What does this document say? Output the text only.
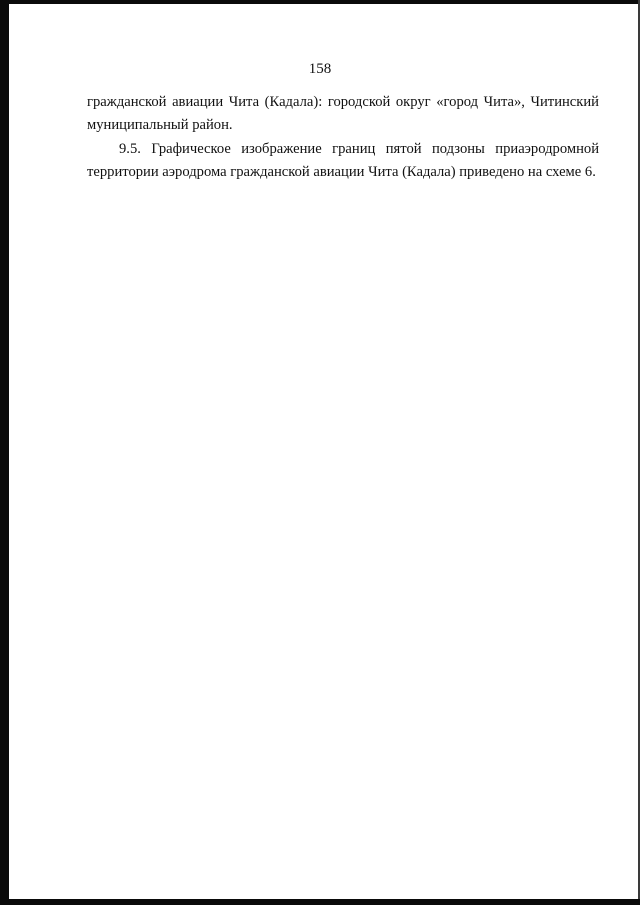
158
гражданской авиации Чита (Кадала): городской округ «город Чита», Читинский
муниципальный район.
9.5. Графическое изображение границ пятой подзоны приаэродромной
территории аэродрома гражданской авиации Чита (Кадала) приведено на схеме 6.
